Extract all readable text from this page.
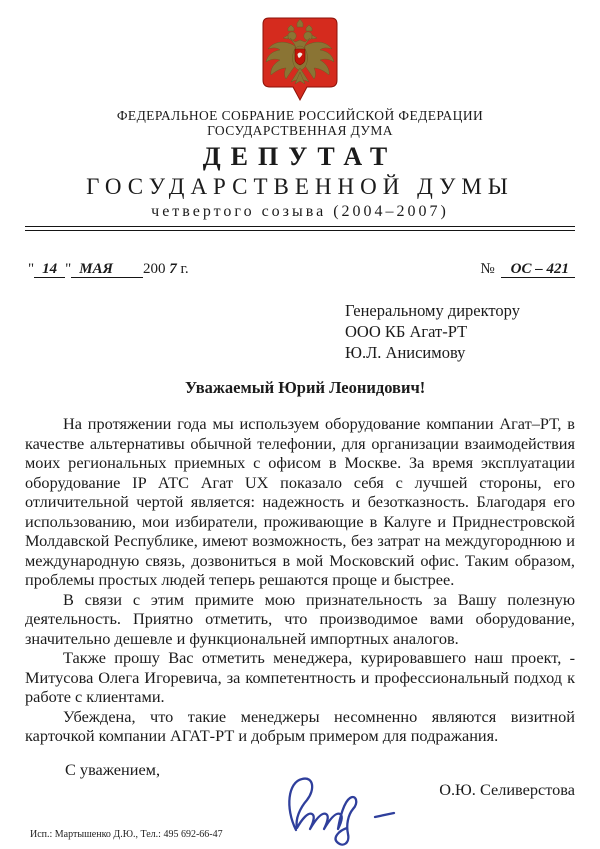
ФЕДЕРАЛЬНОЕ СОБРАНИЕ РОССИЙСКОЙ ФЕДЕРАЦИИ
ГОСУДАРСТВЕННАЯ ДУМА
ДЕПУТАТ
ГОСУДАРСТВЕННОЙ ДУМЫ
четвертого созыва (2004–2007)
" 14 " МАЯ 200 7 г.	№ ОС – 421
Генеральному директору
ООО КБ Агат-РТ
Ю.Л. Анисимову
Уважаемый Юрий Леонидович!

На протяжении года мы используем оборудование компании Агат–РТ, в качестве альтернативы обычной телефонии, для организации взаимодействия моих региональных приемных с офисом в Москве. За время эксплуатации оборудование IP АТС Агат UX показало себя с лучшей стороны, его отличительной чертой является: надежность и безотказность. Благодаря его использованию, мои избиратели, проживающие в Калуге и Приднестровской Молдавской Республике, имеют возможность, без затрат на междугороднюю и международную связь, дозвониться в мой Московский офис. Таким образом, проблемы простых людей теперь решаются проще и быстрее.

В связи с этим примите мою признательность за Вашу полезную деятельность. Приятно отметить, что производимое вами оборудование, значительно дешевле и функциональней импортных аналогов.

Также прошу Вас отметить менеджера, курировавшего наш проект, - Митусова Олега Игоревича, за компетентность и профессиональный подход к работе с клиентами.

Убеждена, что такие менеджеры несомненно являются визитной карточкой компании АГАТ-РТ и добрым примером для подражания.

С уважением,
О.Ю. Селиверстова
Исп.: Мартышенко Д.Ю., Тел.: 495 692-66-47
